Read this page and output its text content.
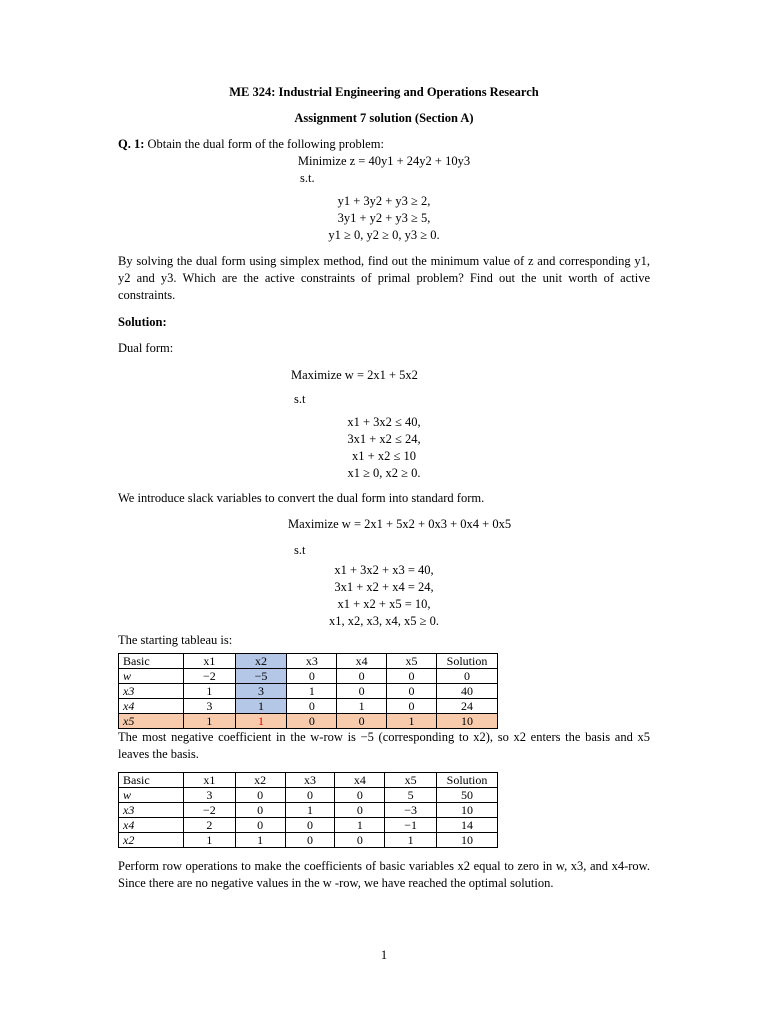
ME 324: Industrial Engineering and Operations Research

Assignment 7 solution (Section A)

Q. 1: Obtain the dual form of the following problem:

Minimize z = 40y1 + 24y2 + 10y3
s.t.
y1 + 3y2 + y3 ≥ 2,
3y1 + y2 + y3 ≥ 5,
y1 ≥ 0, y2 ≥ 0, y3 ≥ 0.

By solving the dual form using simplex method, find out the minimum value of z and corresponding y1, y2 and y3. Which are the active constraints of primal problem? Find out the unit worth of active constraints.

Solution:

Dual form:

Maximize w = 2x1 + 5x2
s.t
x1 + 3x2 ≤ 40,
3x1 + x2 ≤ 24,
x1 + x2 ≤ 10
x1 ≥ 0, x2 ≥ 0.

We introduce slack variables to convert the dual form into standard form.

Maximize w = 2x1 + 5x2 + 0x3 + 0x4 + 0x5
s.t
x1 + 3x2 + x3 = 40,
3x1 + x2 + x4 = 24,
x1 + x2 + x5 = 10,
x1, x2, x3, x4, x5 ≥ 0.

The starting tableau is:

Basic	x1	x2	x3	x4	x5	Solution
w	−2	−5	0	0	0	0
x3	1	3	1	0	0	40
x4	3	1	0	1	0	24
x5	1	1	0	0	1	10

The most negative coefficient in the w-row is −5 (corresponding to x2), so x2 enters the basis and x5 leaves the basis.

Basic	x1	x2	x3	x4	x5	Solution
w	3	0	0	0	5	50
x3	−2	0	1	0	−3	10
x4	2	0	0	1	−1	14
x2	1	1	0	0	1	10

Perform row operations to make the coefficients of basic variables x2 equal to zero in w, x3, and x4-row. Since there are no negative values in the w -row, we have reached the optimal solution.

1
